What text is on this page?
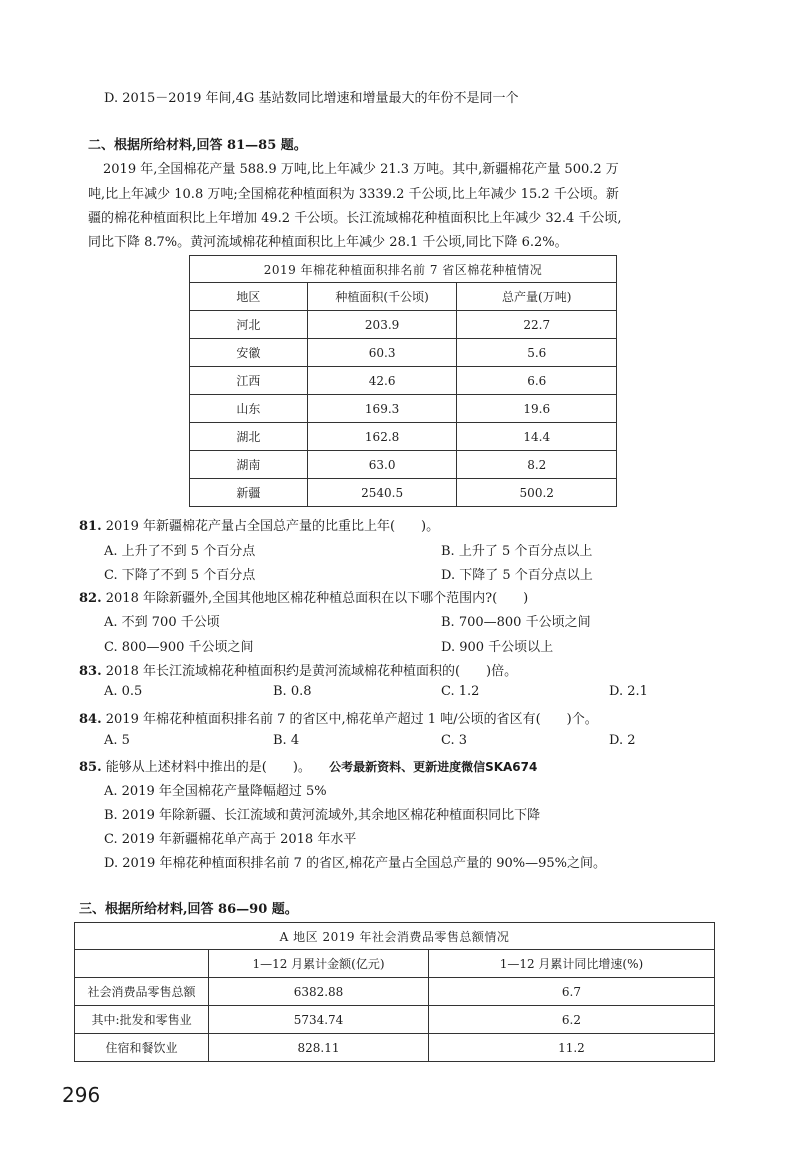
D. 2015－2019 年间,4G 基站数同比增速和增量最大的年份不是同一个
二、根据所给材料,回答 81—85 题。
2019 年,全国棉花产量 588.9 万吨,比上年减少 21.3 万吨。其中,新疆棉花产量 500.2 万
吨,比上年减少 10.8 万吨;全国棉花种植面积为 3339.2 千公顷,比上年减少 15.2 千公顷。新
疆的棉花种植面积比上年增加 49.2 千公顷。长江流域棉花种植面积比上年减少 32.4 千公顷,
同比下降 8.7%。黄河流域棉花种植面积比上年减少 28.1 千公顷,同比下降 6.2%。
2019 年棉花种植面积排名前 7 省区棉花种植情况		
地区	种植面积(千公顷)	总产量(万吨)
河北	203.9	22.7
安徽	60.3	5.6
江西	42.6	6.6
山东	169.3	19.6
湖北	162.8	14.4
湖南	63.0	8.2
新疆	2540.5	500.2
81. 2019 年新疆棉花产量占全国总产量的比重比上年(　　)。
A. 上升了不到 5 个百分点	B. 上升了 5 个百分点以上
C. 下降了不到 5 个百分点	D. 下降了 5 个百分点以上
82. 2018 年除新疆外,全国其他地区棉花种植总面积在以下哪个范围内?(　　)
A. 不到 700 千公顷	B. 700—800 千公顷之间
C. 800—900 千公顷之间	D. 900 千公顷以上
83. 2018 年长江流域棉花种植面积约是黄河流域棉花种植面积的(　　)倍。
A. 0.5	B. 0.8	C. 1.2	D. 2.1
84. 2019 年棉花种植面积排名前 7 的省区中,棉花单产超过 1 吨/公顷的省区有(　　)个。
A. 5	B. 4	C. 3	D. 2
85. 能够从上述材料中推出的是(　　)。 公考最新资料、更新进度微信SKA674
A. 2019 年全国棉花产量降幅超过 5%
B. 2019 年除新疆、长江流域和黄河流域外,其余地区棉花种植面积同比下降
C. 2019 年新疆棉花单产高于 2018 年水平
D. 2019 年棉花种植面积排名前 7 的省区,棉花产量占全国总产量的 90%—95%之间。
三、根据所给材料,回答 86—90 题。
A 地区 2019 年社会消费品零售总额情况		
	1—12 月累计金额(亿元)	1—12 月累计同比增速(%)
社会消费品零售总额	6382.88	6.7
其中:批发和零售业	5734.74	6.2
住宿和餐饮业	828.11	11.2
296
